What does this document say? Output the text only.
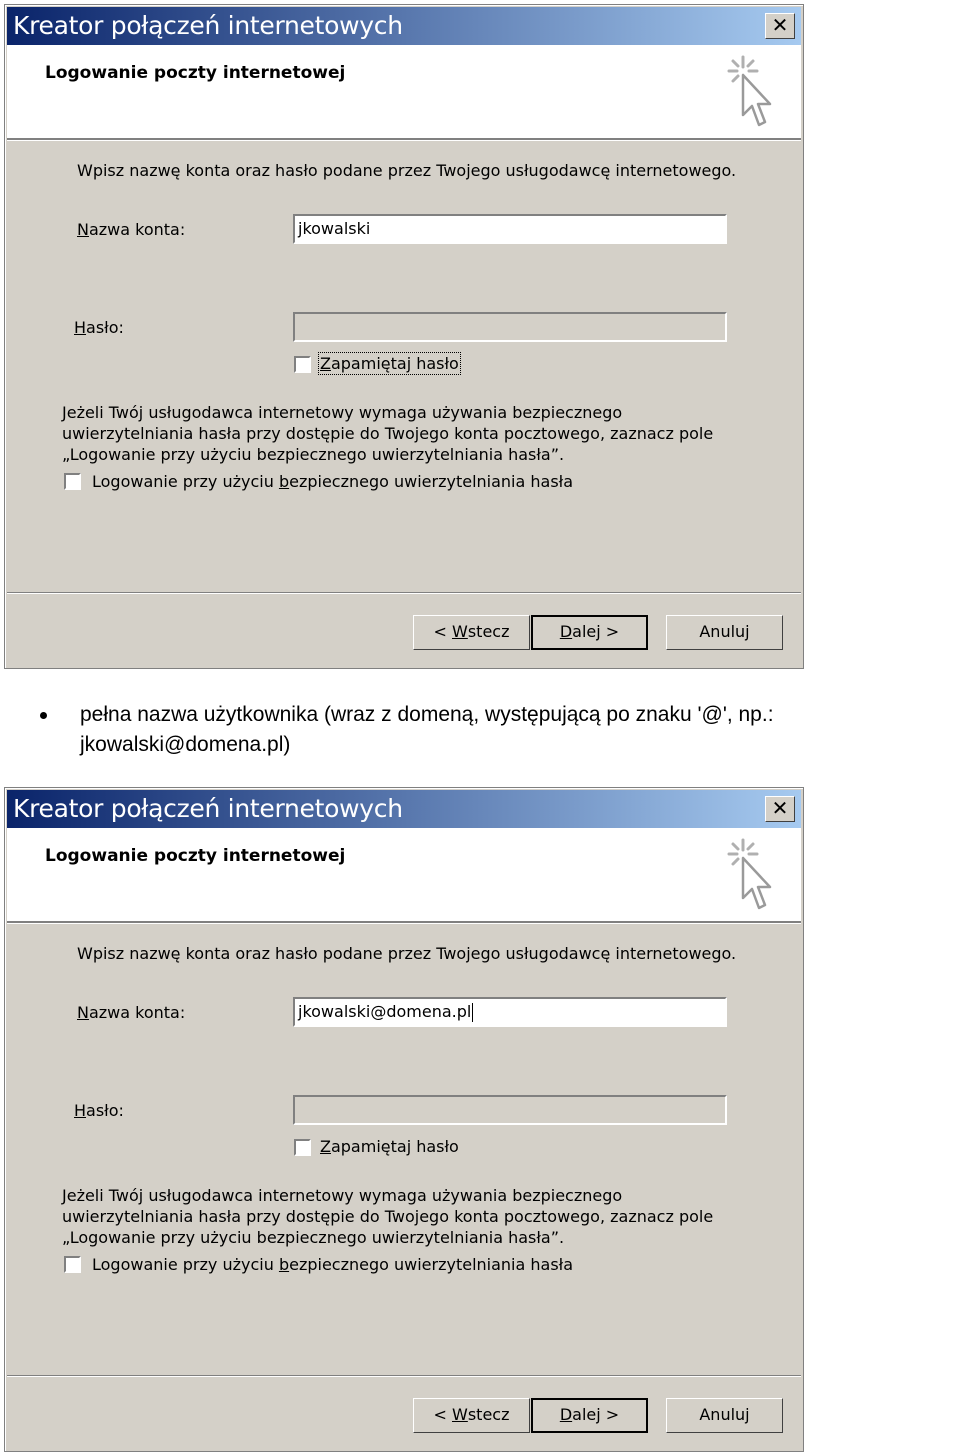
Kreator połączeń internetowych	✕
Logowanie poczty internetowej
Wpisz nazwę konta oraz hasło podane przez Twojego usługodawcę internetowego.
Nazwa konta:	jkowalski
Hasło:
Zapamiętaj hasło
Jeżeli Twój usługodawca internetowy wymaga używania bezpiecznego uwierzytelniania hasła przy dostępie do Twojego konta pocztowego, zaznacz pole „Logowanie przy użyciu bezpiecznego uwierzytelniania hasła”.
Logowanie przy użyciu bezpiecznego uwierzytelniania hasła
< Wstecz	Dalej >	Anuluj
pełna nazwa użytkownika (wraz z domeną, występującą po znaku '@', np.:
jkowalski@domena.pl)
Kreator połączeń internetowych	✕
Logowanie poczty internetowej
Wpisz nazwę konta oraz hasło podane przez Twojego usługodawcę internetowego.
Nazwa konta:	jkowalski@domena.pl
Hasło:
Zapamiętaj hasło
Jeżeli Twój usługodawca internetowy wymaga używania bezpiecznego uwierzytelniania hasła przy dostępie do Twojego konta pocztowego, zaznacz pole „Logowanie przy użyciu bezpiecznego uwierzytelniania hasła”.
Logowanie przy użyciu bezpiecznego uwierzytelniania hasła
< Wstecz	Dalej >	Anuluj
